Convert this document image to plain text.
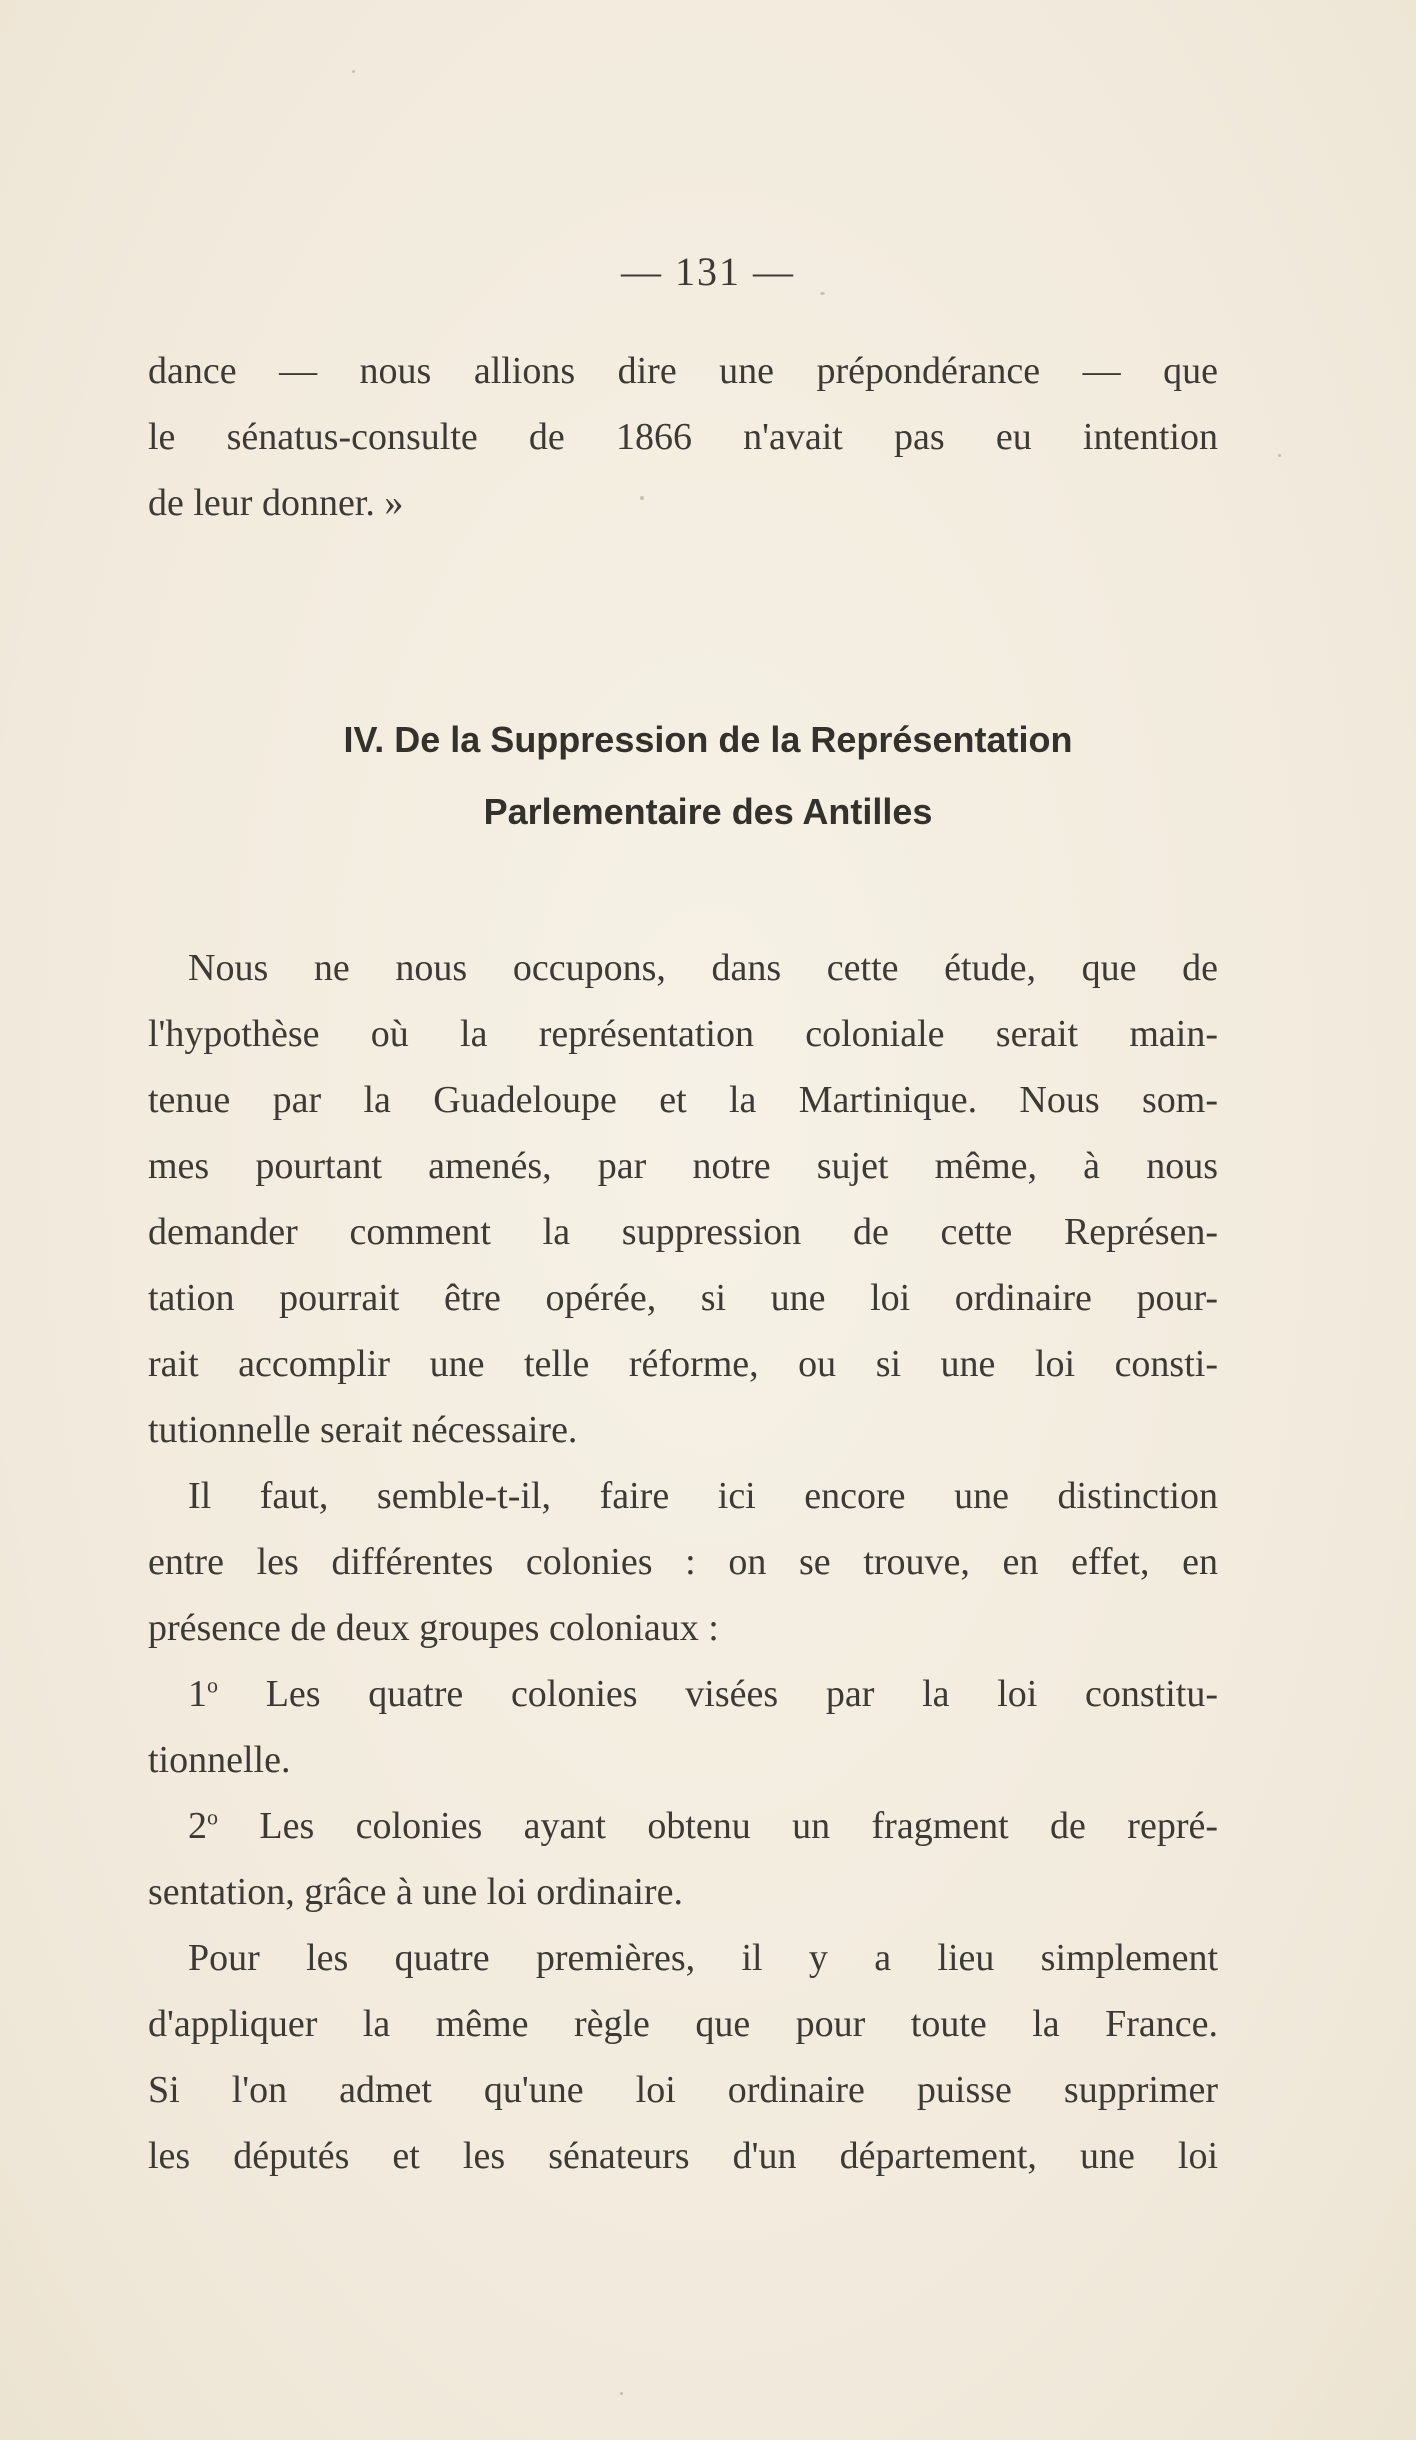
— 131 —
dance — nous allions dire une prépondérance — que
le sénatus-consulte de 1866 n'avait pas eu intention
de leur donner. »
IV. De la Suppression de la Représentation
Parlementaire des Antilles
Nous ne nous occupons, dans cette étude, que de
l'hypothèse où la représentation coloniale serait main-
tenue par la Guadeloupe et la Martinique. Nous som-
mes pourtant amenés, par notre sujet même, à nous
demander comment la suppression de cette Représen-
tation pourrait être opérée, si une loi ordinaire pour-
rait accomplir une telle réforme, ou si une loi consti-
tutionnelle serait nécessaire.
Il faut, semble-t-il, faire ici encore une distinction
entre les différentes colonies : on se trouve, en effet, en
présence de deux groupes coloniaux :
1$^o$ Les quatre colonies visées par la loi constitu-
tionnelle.
2$^o$ Les colonies ayant obtenu un fragment de repré-
sentation, grâce à une loi ordinaire.
Pour les quatre premières, il y a lieu simplement
d'appliquer la même règle que pour toute la France.
Si l'on admet qu'une loi ordinaire puisse supprimer
les députés et les sénateurs d'un département, une loi
